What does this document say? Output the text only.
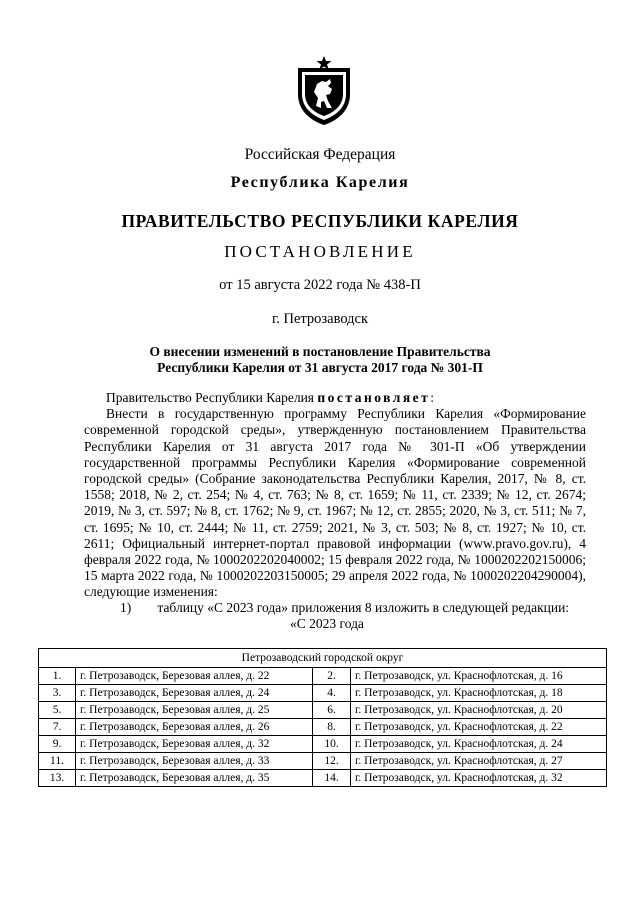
Российская Федерация
Республика Карелия
ПРАВИТЕЛЬСТВО РЕСПУБЛИКИ КАРЕЛИЯ
ПОСТАНОВЛЕНИЕ
от 15 августа 2022 года № 438-П
г. Петрозаводск
О внесении изменений в постановление Правительства
Республики Карелия от 31 августа 2017 года № 301-П

Правительство Республики Карелия постановляет:

Внести в государственную программу Республики Карелия «Формирование современной городской среды», утвержденную постановлением Правительства Республики Карелия от 31 августа 2017 года № 301-П «Об утверждении государственной программы Республики Карелия «Формирование современной городской среды» (Собрание законодательства Республики Карелия, 2017, № 8, ст. 1558; 2018, № 2, ст. 254; № 4, ст. 763; № 8, ст. 1659; № 11, ст. 2339; № 12, ст. 2674; 2019, № 3, ст. 597; № 8, ст. 1762; № 9, ст. 1967; № 12, ст. 2855; 2020, № 3, ст. 511; № 7, ст. 1695; № 10, ст. 2444; № 11, ст. 2759; 2021, № 3, ст. 503; № 8, ст. 1927; № 10, ст. 2611; Официальный интернет-портал правовой информации (www.pravo.gov.ru), 4 февраля 2022 года, № 1000202202040002; 15 февраля 2022 года, № 1000202202150006; 15 марта 2022 года, № 1000202203150005; 29 апреля 2022 года, № 1000202204290004), следующие изменения:

1) таблицу «С 2023 года» приложения 8 изложить в следующей редакции:
«С 2023 года
Петрозаводский городской округ			
1.	г. Петрозаводск, Березовая аллея, д. 22	2.	г. Петрозаводск, ул. Краснофлотская, д. 16
3.	г. Петрозаводск, Березовая аллея, д. 24	4.	г. Петрозаводск, ул. Краснофлотская, д. 18
5.	г. Петрозаводск, Березовая аллея, д. 25	6.	г. Петрозаводск, ул. Краснофлотская, д. 20
7.	г. Петрозаводск, Березовая аллея, д. 26	8.	г. Петрозаводск, ул. Краснофлотская, д. 22
9.	г. Петрозаводск, Березовая аллея, д. 32	10.	г. Петрозаводск, ул. Краснофлотская, д. 24
11.	г. Петрозаводск, Березовая аллея, д. 33	12.	г. Петрозаводск, ул. Краснофлотская, д. 27
13.	г. Петрозаводск, Березовая аллея, д. 35	14.	г. Петрозаводск, ул. Краснофлотская, д. 32
